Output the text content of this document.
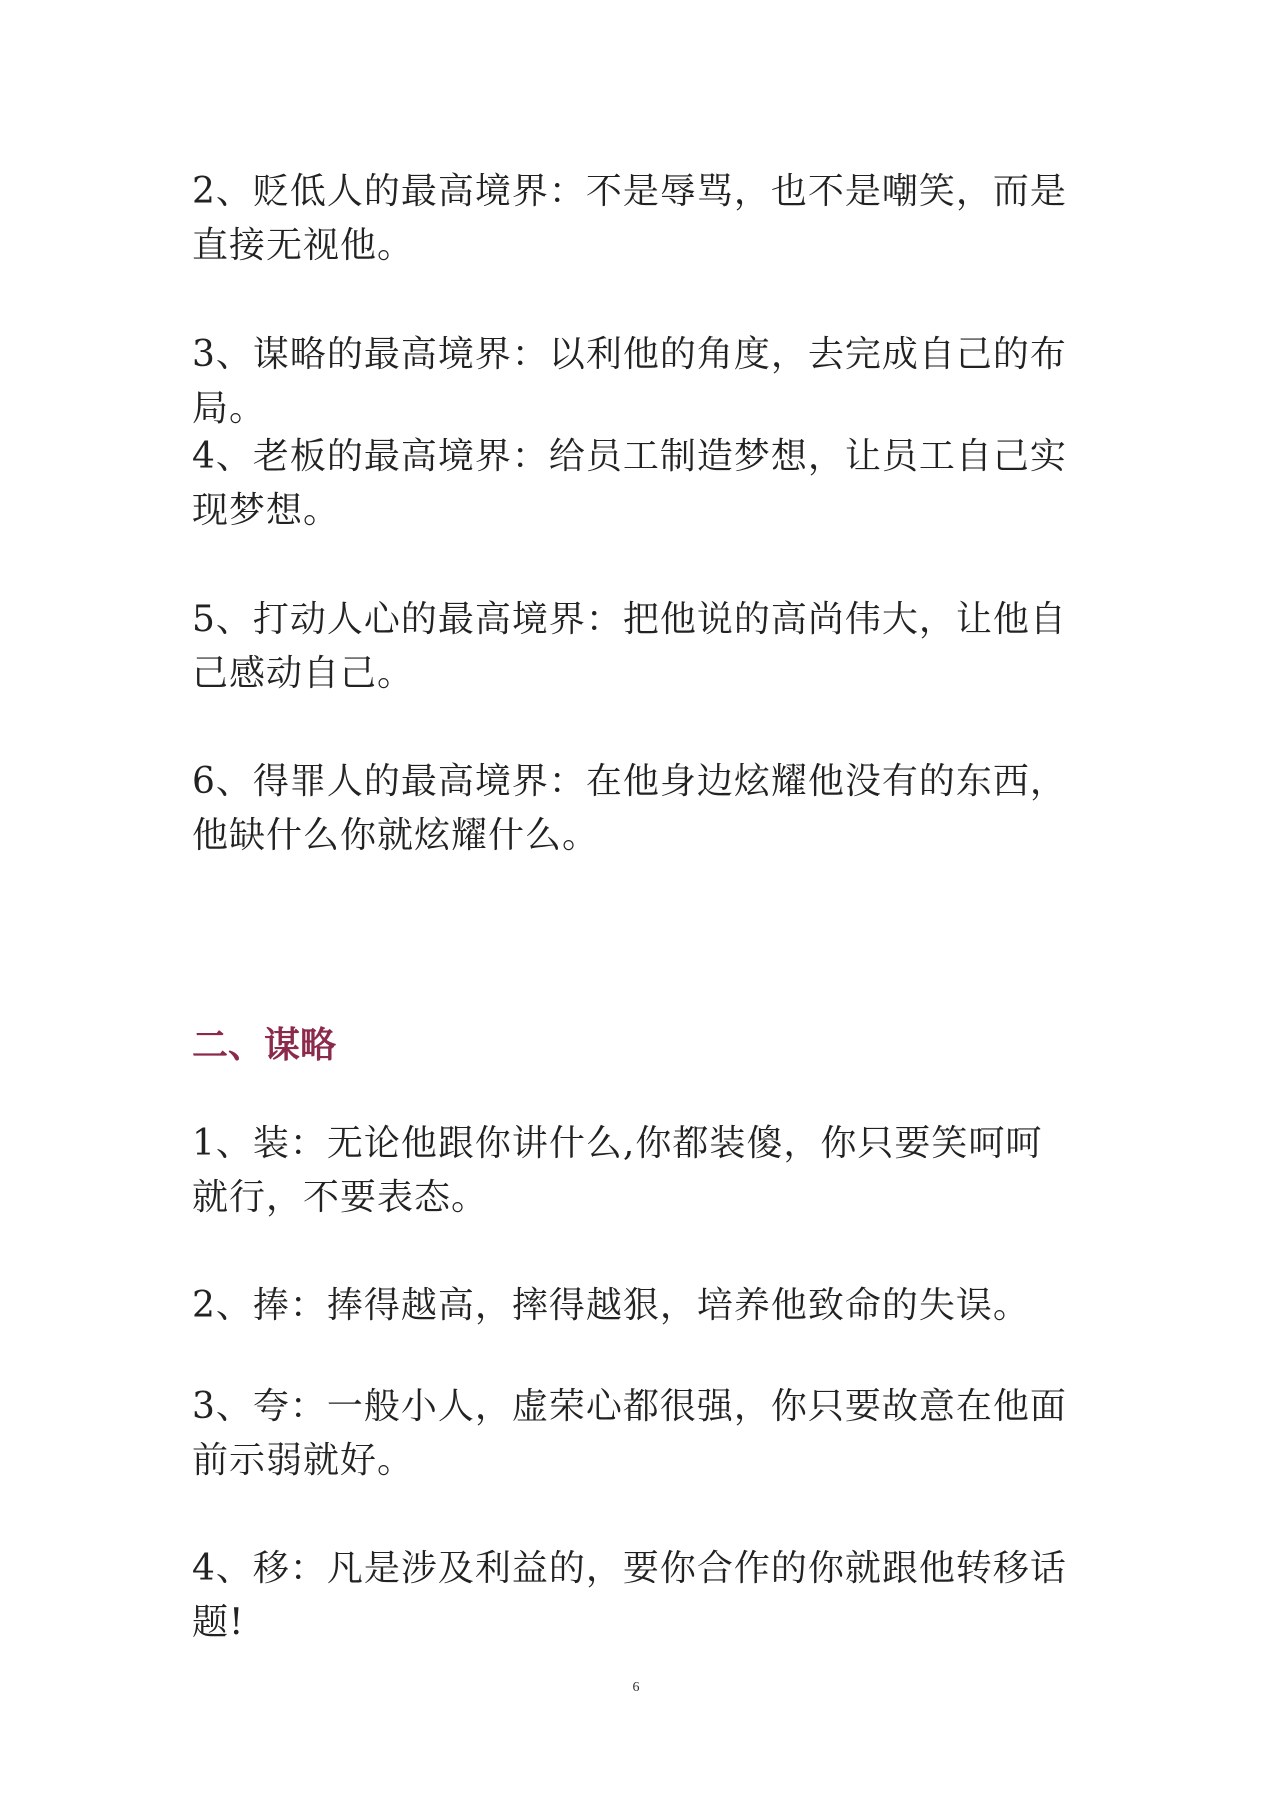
2、贬低人的最高境界：不是辱骂，也不是嘲笑，而是直接无视他。

3、谋略的最高境界：以利他的角度，去完成自己的布局。

4、老板的最高境界：给员工制造梦想，让员工自己实现梦想。

5、打动人心的最高境界：把他说的高尚伟大，让他自己感动自己。

6、得罪人的最高境界：在他身边炫耀他没有的东西，他缺什么你就炫耀什么。

二、谋略

1、装：无论他跟你讲什么,你都装傻，你只要笑呵呵就行，不要表态。

2、捧：捧得越高，摔得越狠，培养他致命的失误。

3、夸：一般小人，虚荣心都很强，你只要故意在他面前示弱就好。

4、移：凡是涉及利益的，要你合作的你就跟他转移话题!

6
